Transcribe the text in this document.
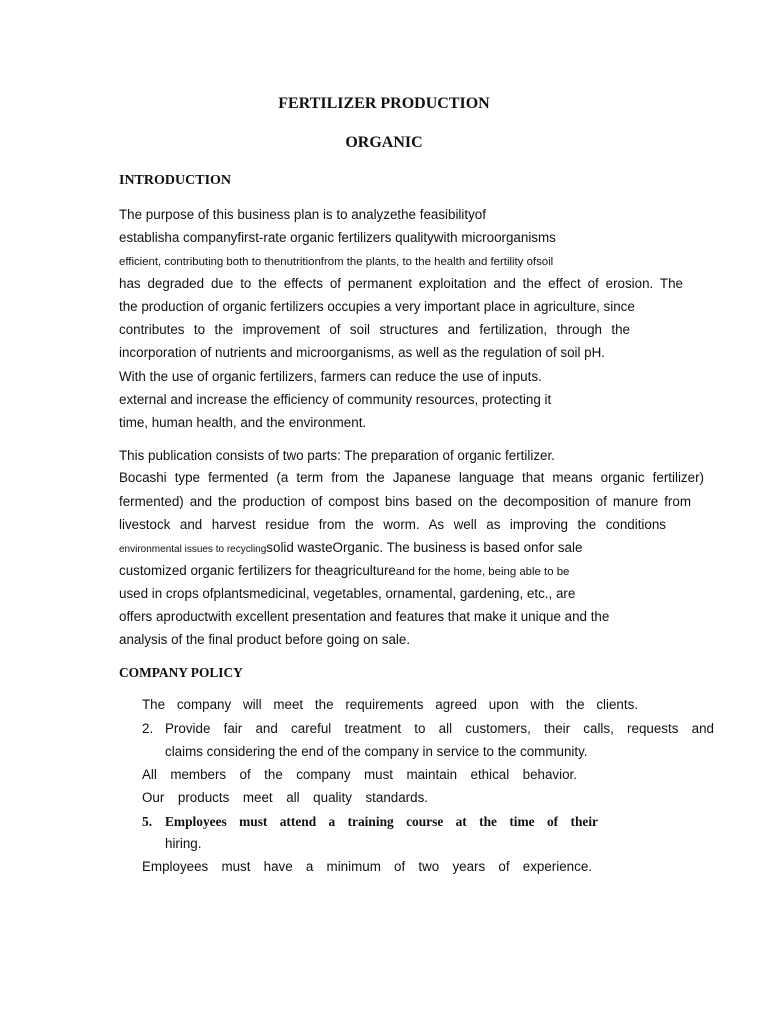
FERTILIZER PRODUCTION
ORGANIC
INTRODUCTION
The purpose of this business plan is to analyzethe feasibilityof
establisha companyfirst-rate organic fertilizers qualitywith microorganisms
efficient, contributing both to thenutritionfrom the plants, to the health and fertility ofsoil
has degraded due to the effects of permanent exploitation and the effect of erosion. The
the production of organic fertilizers occupies a very important place in agriculture, since
contributes to the improvement of soil structures and fertilization, through the
incorporation of nutrients and microorganisms, as well as the regulation of soil pH.
With the use of organic fertilizers, farmers can reduce the use of inputs.
external and increase the efficiency of community resources, protecting it
time, human health, and the environment.
This publication consists of two parts: The preparation of organic fertilizer.
Bocashi type fermented (a term from the Japanese language that means organic fertilizer)
fermented) and the production of compost bins based on the decomposition of manure from
livestock and harvest residue from the worm. As well as improving the conditions
environmental issues to recyclingsolid wasteOrganic. The business is based onfor sale
customized organic fertilizers for theagricultureand for the home, being able to be
used in crops ofplantsmedicinal, vegetables, ornamental, gardening, etc., are
offers aproductwith excellent presentation and features that make it unique and the
analysis of the final product before going on sale.
COMPANY POLICY
The company will meet the requirements agreed upon with the clients.
2. Provide fair and careful treatment to all customers, their calls, requests and
claims considering the end of the company in service to the community.
All members of the company must maintain ethical behavior.
Our products meet all quality standards.
5. Employees must attend a training course at the time of their
hiring.
Employees must have a minimum of two years of experience.
